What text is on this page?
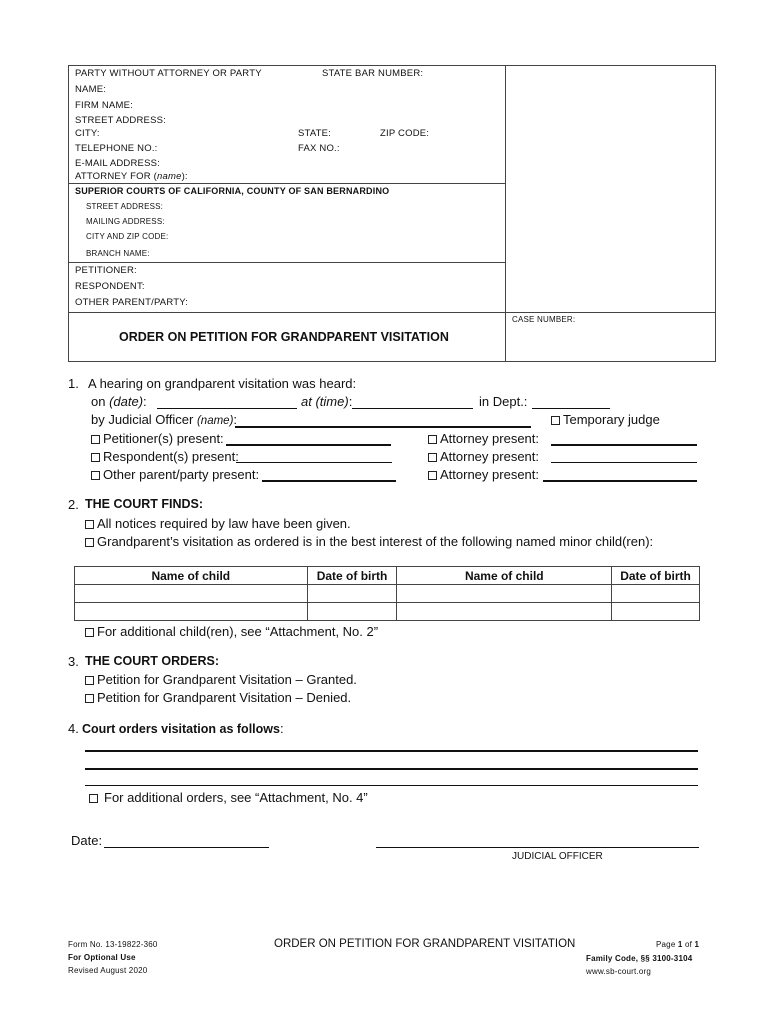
PARTY WITHOUT ATTORNEY OR PARTY	STATE BAR NUMBER:
NAME:
FIRM NAME:
STREET ADDRESS:
CITY:	STATE:	ZIP CODE:
TELEPHONE NO.:	FAX NO.:
E-MAIL ADDRESS:
ATTORNEY FOR (name):
SUPERIOR COURTS OF CALIFORNIA, COUNTY OF SAN BERNARDINO
STREET ADDRESS:
MAILING ADDRESS:
CITY AND ZIP CODE:
BRANCH NAME:
PETITIONER:
RESPONDENT:
OTHER PARENT/PARTY:
ORDER ON PETITION FOR GRANDPARENT VISITATION
CASE NUMBER:
1. A hearing on grandparent visitation was heard:
on (date):	at (time):	in Dept.:
by Judicial Officer (name):	Temporary judge
Petitioner(s) present:	Attorney present:
Respondent(s) present:	Attorney present:
Other parent/party present:	Attorney present:
2. THE COURT FINDS:
All notices required by law have been given.
Grandparent’s visitation as ordered is in the best interest of the following named minor child(ren):
Name of child	Date of birth	Name of child	Date of birth

For additional child(ren), see “Attachment, No. 2”
3. THE COURT ORDERS:
Petition for Grandparent Visitation – Granted.
Petition for Grandparent Visitation – Denied.
4. Court orders visitation as follows:
For additional orders, see “Attachment, No. 4”
Date:
JUDICIAL OFFICER
Form No. 13-19822-360
For Optional Use
Revised August 2020
ORDER ON PETITION FOR GRANDPARENT VISITATION	Page 1 of 1
Family Code, §§ 3100-3104
www.sb-court.org
